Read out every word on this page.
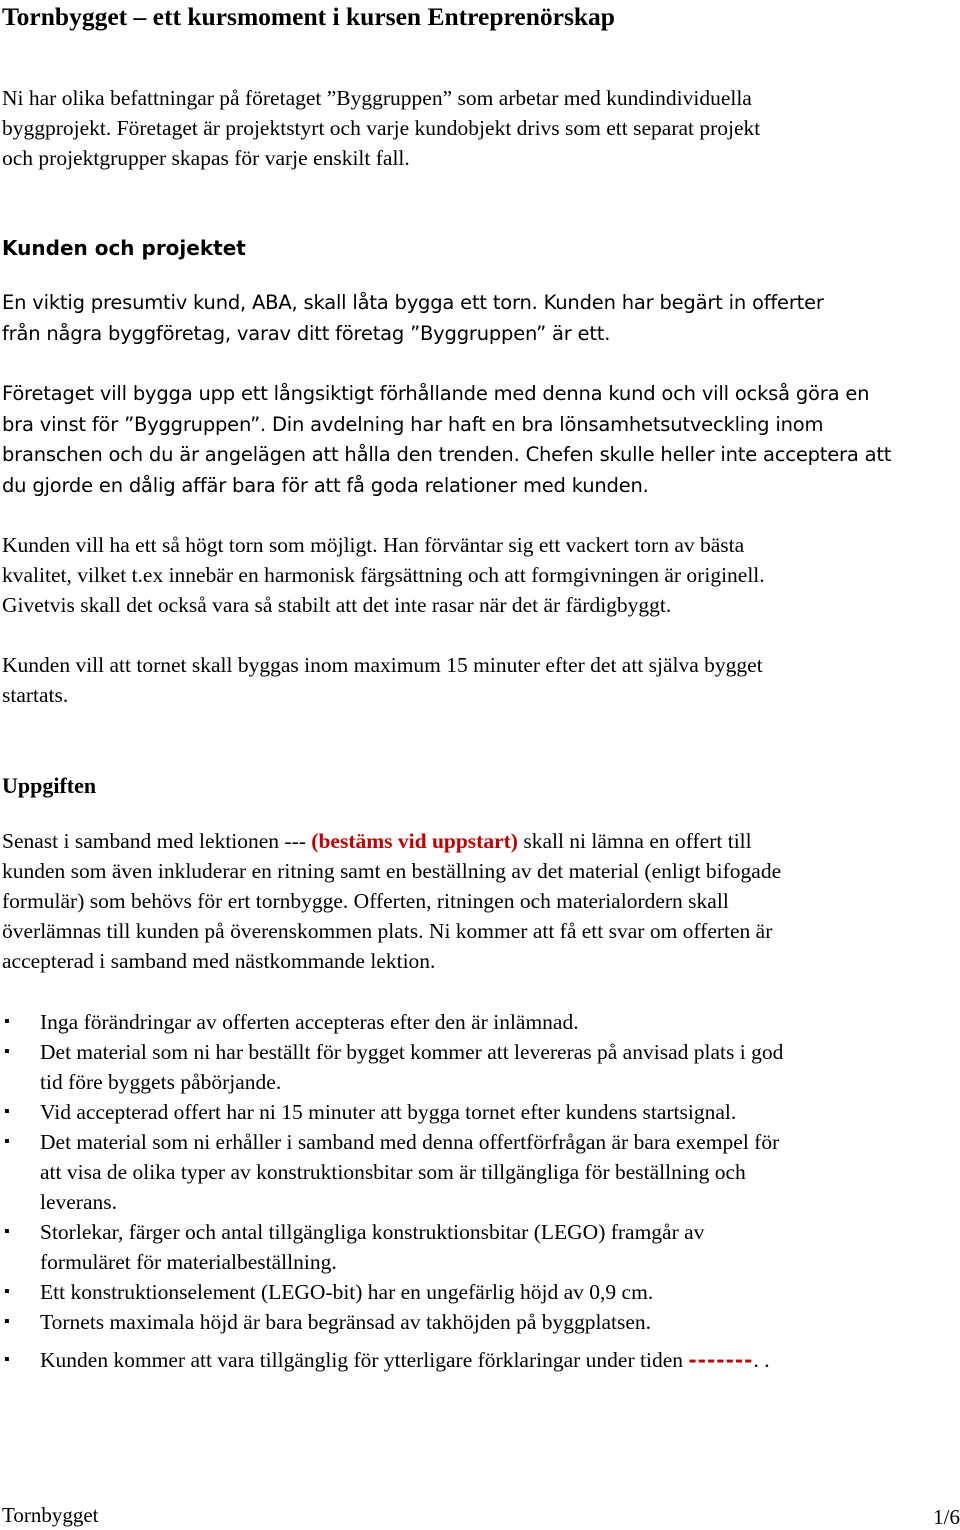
Tornbygget – ett kursmoment i kursen Entreprenörskap
Ni har olika befattningar på företaget ”Byggruppen” som arbetar med kundindividuella
byggprojekt. Företaget är projektstyrt och varje kundobjekt drivs som ett separat projekt
och projektgrupper skapas för varje enskilt fall.
Kunden och projektet
En viktig presumtiv kund, ABA, skall låta bygga ett torn. Kunden har begärt in offerter
från några byggföretag, varav ditt företag ”Byggruppen” är ett.
Företaget vill bygga upp ett långsiktigt förhållande med denna kund och vill också göra en
bra vinst för ”Byggruppen”. Din avdelning har haft en bra lönsamhetsutveckling inom
branschen och du är angelägen att hålla den trenden. Chefen skulle heller inte acceptera att
du gjorde en dålig affär bara för att få goda relationer med kunden.
Kunden vill ha ett så högt torn som möjligt. Han förväntar sig ett vackert torn av bästa
kvalitet, vilket t.ex innebär en harmonisk färgsättning och att formgivningen är originell.
Givetvis skall det också vara så stabilt att det inte rasar när det är färdigbyggt.
Kunden vill att tornet skall byggas inom maximum 15 minuter efter det att själva bygget
startats.
Uppgiften
Senast i samband med lektionen --- (bestäms vid uppstart) skall ni lämna en offert till
kunden som även inkluderar en ritning samt en beställning av det material (enligt bifogade
formulär) som behövs för ert tornbygge. Offerten, ritningen och materialordern skall
överlämnas till kunden på överenskommen plats. Ni kommer att få ett svar om offerten är
accepterad i samband med nästkommande lektion.
▪ Inga förändringar av offerten accepteras efter den är inlämnad.
▪ Det material som ni har beställt för bygget kommer att levereras på anvisad plats i god
tid före byggets påbörjande.
▪ Vid accepterad offert har ni 15 minuter att bygga tornet efter kundens startsignal.
▪ Det material som ni erhåller i samband med denna offertförfrågan är bara exempel för
att visa de olika typer av konstruktionsbitar som är tillgängliga för beställning och
leverans.
▪ Storlekar, färger och antal tillgängliga konstruktionsbitar (LEGO) framgår av
formuläret för materialbeställning.
▪ Ett konstruktionselement (LEGO-bit) har en ungefärlig höjd av 0,9 cm.
▪ Tornets maximala höjd är bara begränsad av takhöjden på byggplatsen.
▪ Kunden kommer att vara tillgänglig för ytterligare förklaringar under tiden -------. .
Tornbygget	1/6
